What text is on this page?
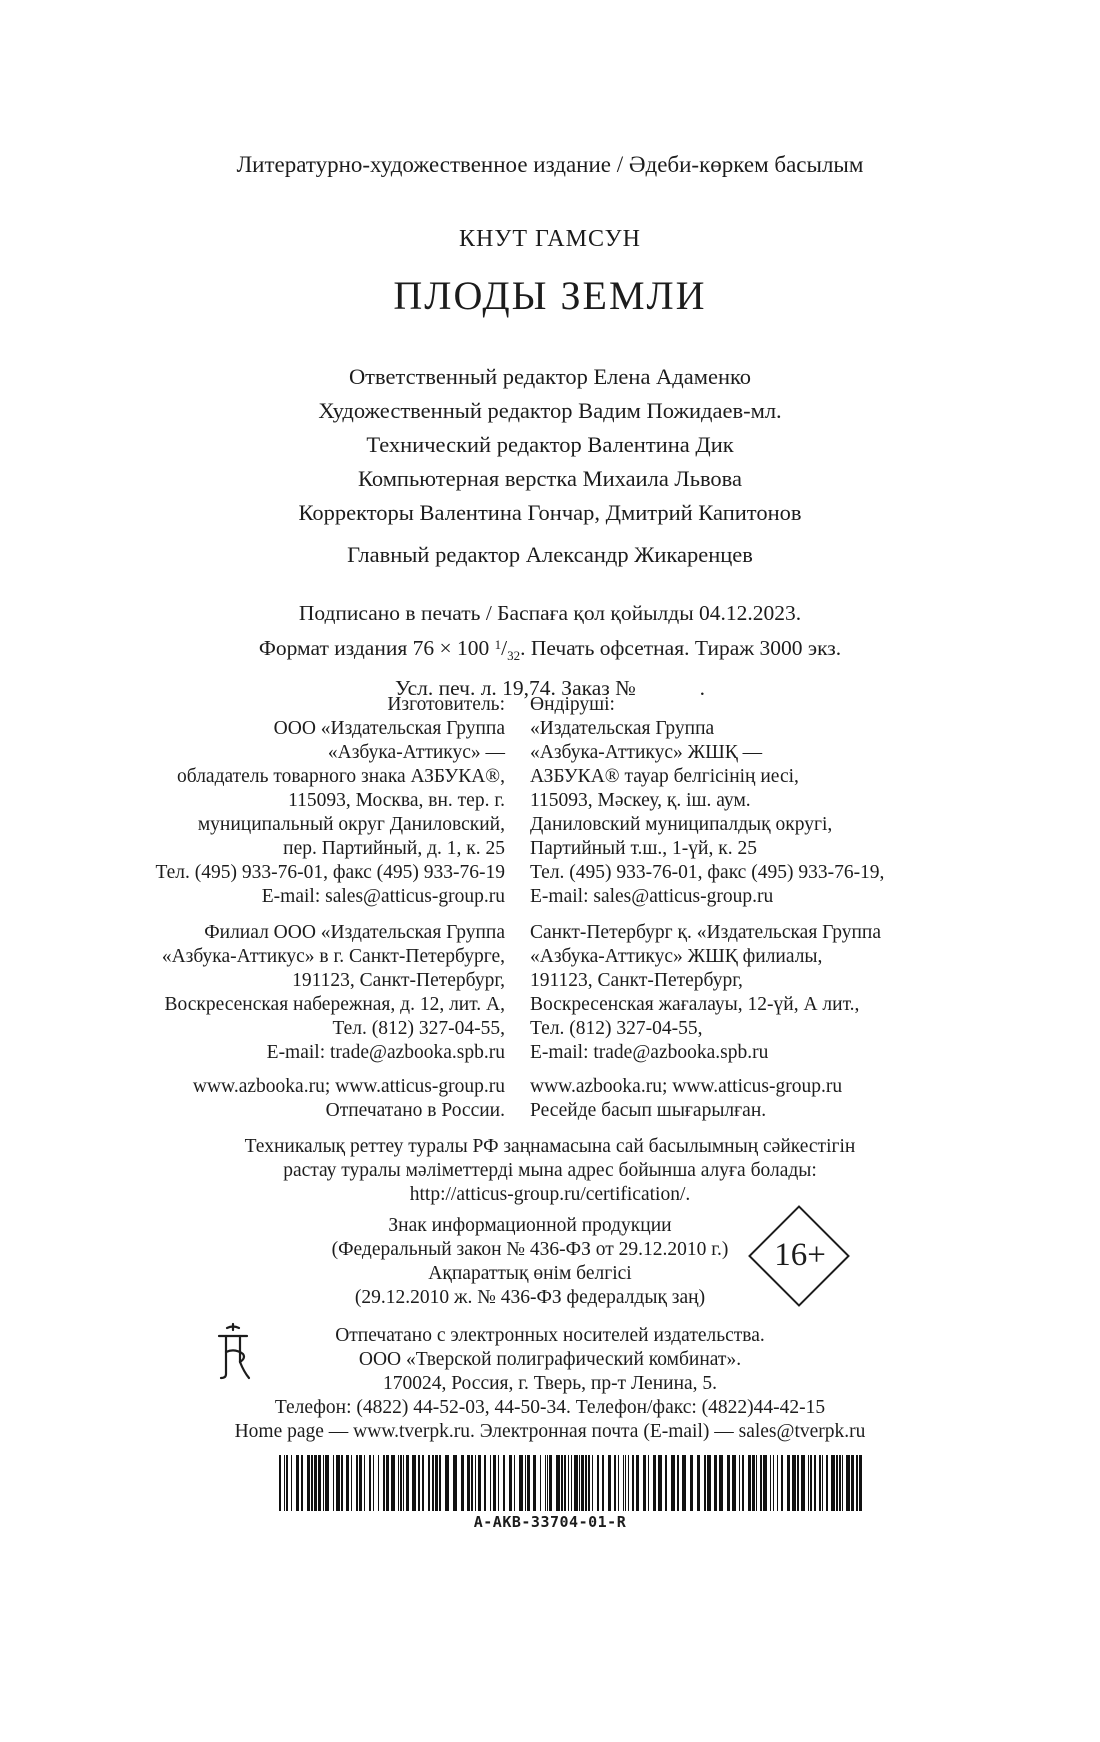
Литературно-художественное издание / Әдеби-көркем басылым
КНУТ ГАМСУН
ПЛОДЫ ЗЕМЛИ
Ответственный редактор Елена Адаменко
Художественный редактор Вадим Пожидаев-мл.
Технический редактор Валентина Дик
Компьютерная верстка Михаила Львова
Корректоры Валентина Гончар, Дмитрий Капитонов
Главный редактор Александр Жикаренцев
Подписано в печать / Баспаға қол қойылды 04.12.2023.
Формат издания 76 × 100 $^1/_{32}$. Печать офсетная. Тираж 3000 экз.
Усл. печ. л. 19,74. Заказ №	.
Изготовитель:
ООО «Издательская Группа
«Азбука-Аттикус» —
обладатель товарного знака АЗБУКА®,
115093, Москва, вн. тер. г.
муниципальный округ Даниловский,
пер. Партийный, д. 1, к. 25
Тел. (495) 933-76-01, факс (495) 933-76-19
E-mail: sales@atticus-group.ru
Өндіруші:
«Издательская Группа
«Азбука-Аттикус» ЖШҚ —
АЗБУКА® тауар белгісінің иесі,
115093, Мәскеу, қ. іш. аум.
Даниловский муниципалдық округі,
Партийный т.ш., 1-үй, к. 25
Тел. (495) 933-76-01, факс (495) 933-76-19,
E-mail: sales@atticus-group.ru
Филиал ООО «Издательская Группа
«Азбука-Аттикус» в г. Санкт-Петербурге,
191123, Санкт-Петербург,
Воскресенская набережная, д. 12, лит. А,
Тел. (812) 327-04-55,
E-mail: trade@azbooka.spb.ru
Санкт-Петербург қ. «Издательская Группа
«Азбука-Аттикус» ЖШҚ филиалы,
191123, Санкт-Петербург,
Воскресенская жағалауы, 12-үй, А лит.,
Тел. (812) 327-04-55,
E-mail: trade@azbooka.spb.ru
www.azbooka.ru; www.atticus-group.ru
Отпечатано в России.
www.azbooka.ru; www.atticus-group.ru
Ресейде басып шығарылған.
Техникалық реттеу туралы РФ заңнамасына сай басылымның сәйкестігін
растау туралы мәліметтерді мына адрес бойынша алуға болады:
http://atticus-group.ru/certification/.
Знак информационной продукции
(Федеральный закон № 436-ФЗ от 29.12.2010 г.)
Ақпараттық өнім белгісі
(29.12.2010 ж. № 436-ФЗ федералдық заң)
16+
Отпечатано с электронных носителей издательства.
ООО «Тверской полиграфический комбинат».
170024, Россия, г. Тверь, пр-т Ленина, 5.
Телефон: (4822) 44-52-03, 44-50-34. Телефон/факс: (4822)44-42-15
Home page — www.tverpk.ru. Электронная почта (E-mail) — sales@tverpk.ru
A-AKB-33704-01-R
